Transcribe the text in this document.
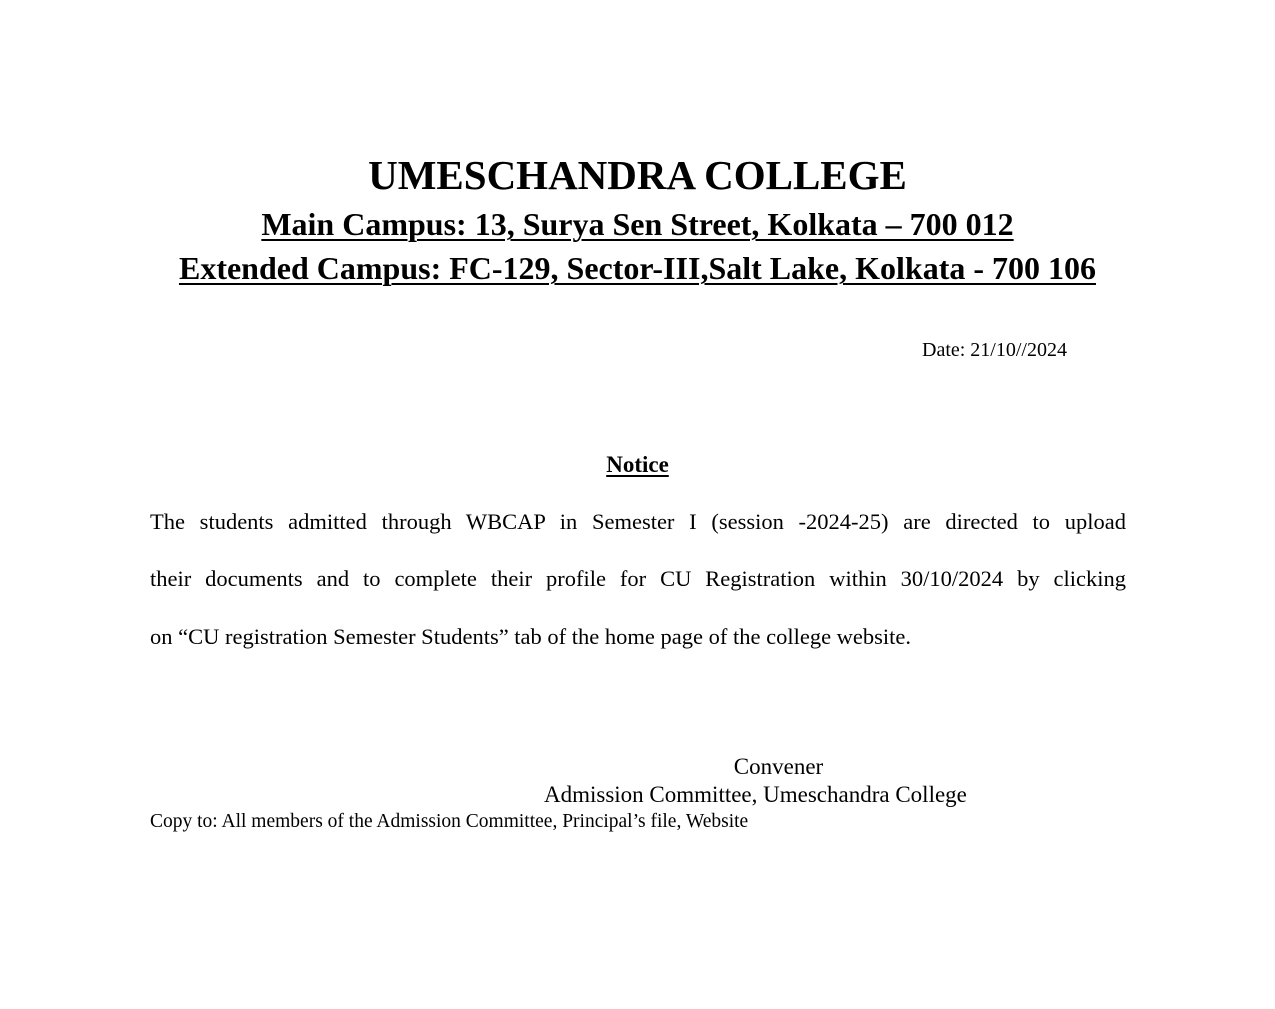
UMESCHANDRA COLLEGE
Main Campus: 13, Surya Sen Street, Kolkata – 700 012
Extended Campus: FC-129, Sector-III,Salt Lake, Kolkata - 700 106
Date: 21/10//2024
Notice
The students admitted through WBCAP in Semester I (session -2024-25) are directed to upload
their documents and to complete their profile for CU Registration within 30/10/2024 by clicking
on “CU registration Semester Students” tab of the home page of the college website.
Convener
Admission Committee, Umeschandra College
Copy to: All members of the Admission Committee, Principal’s file, Website
